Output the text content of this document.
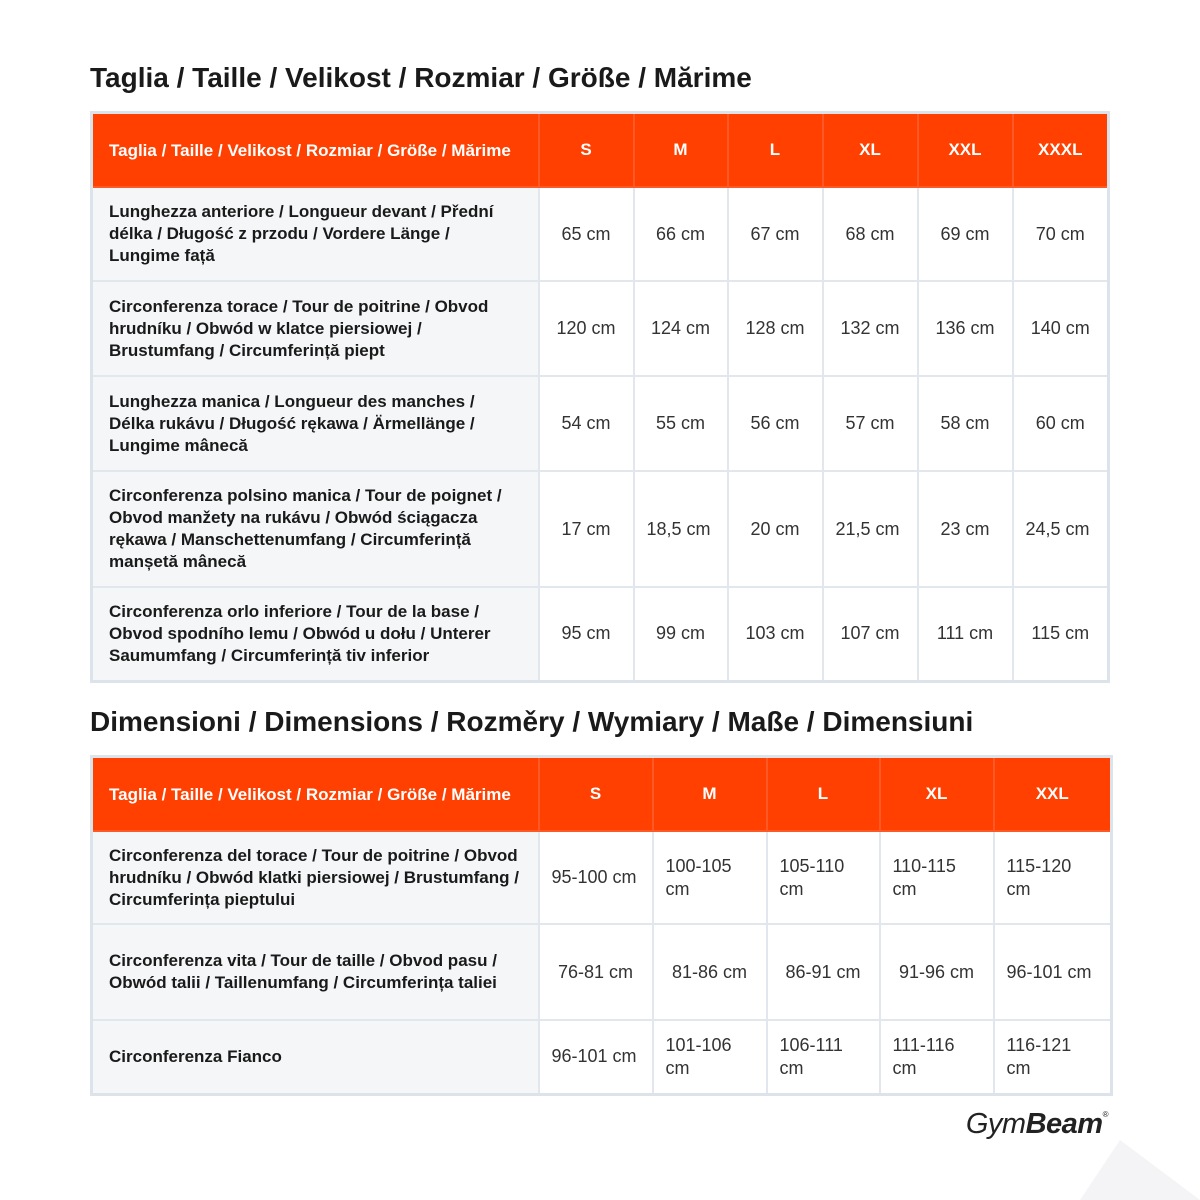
Taglia / Taille / Velikost / Rozmiar / Größe / Mărime
Taglia / Taille / Velikost / Rozmiar / Größe / Mărime	S	M	L	XL	XXL	XXXL
Lunghezza anteriore / Longueur devant / Přední délka / Długość z przodu / Vordere Länge / Lungime față	65 cm	66 cm	67 cm	68 cm	69 cm	70 cm
Circonferenza torace / Tour de poitrine / Obvod hrudníku / Obwód w klatce piersiowej / Brustumfang / Circumferință piept	120 cm	124 cm	128 cm	132 cm	136 cm	140 cm
Lunghezza manica / Longueur des manches / Délka rukávu / Długość rękawa / Ärmellänge / Lungime mânecă	54 cm	55 cm	56 cm	57 cm	58 cm	60 cm
Circonferenza polsino manica / Tour de poignet / Obvod manžety na rukávu / Obwód ściągacza rękawa / Manschettenumfang / Circumferință manșetă mânecă	17 cm	18,5 cm	20 cm	21,5 cm	23 cm	24,5 cm
Circonferenza orlo inferiore / Tour de la base / Obvod spodního lemu / Obwód u dołu / Unterer Saumumfang / Circumferință tiv inferior	95 cm	99 cm	103 cm	107 cm	111 cm	115 cm
Dimensioni / Dimensions / Rozměry / Wymiary / Maße / Dimensiuni
Taglia / Taille / Velikost / Rozmiar / Größe / Mărime	S	M	L	XL	XXL
Circonferenza del torace / Tour de poitrine / Obvod hrudníku / Obwód klatki piersiowej / Brustumfang / Circumferința pieptului	95-100 cm	100-105 cm	105-110 cm	110-115 cm	115-120 cm
Circonferenza vita / Tour de taille / Obvod pasu / Obwód talii / Taillenumfang / Circumferința taliei	76-81 cm	81-86 cm	86-91 cm	91-96 cm	96-101 cm
Circonferenza Fianco	96-101 cm	101-106 cm	106-111 cm	111-116 cm	116-121 cm
GymBeam®
